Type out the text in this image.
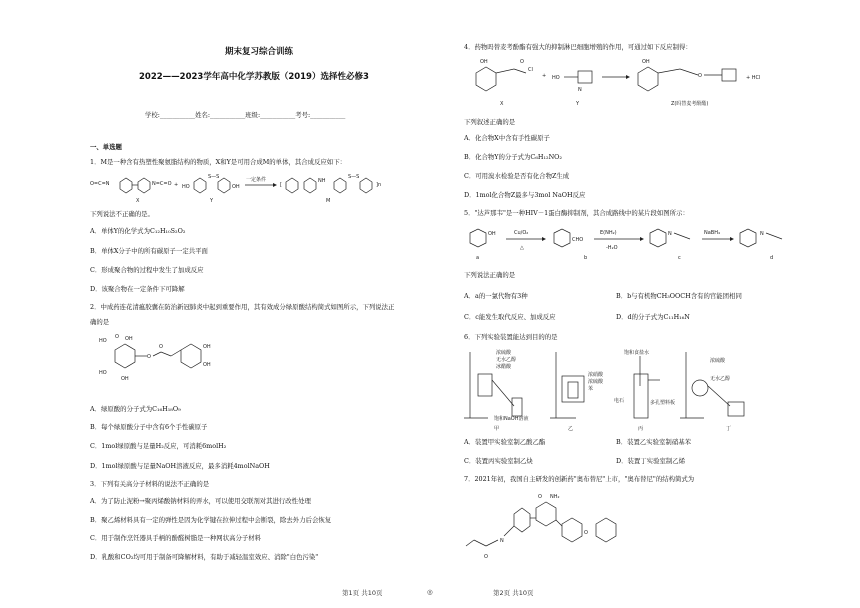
期末复习综合训练
2022——2023学年高中化学苏教版（2019）选择性必修3
学校:___________姓名:___________班级:___________考号:___________
一、单选题
1．M是一种含有热塑性聚氨脂结构的物质，X和Y是可用合成M的单体，其合成反应如下：
O=C=N	N=C=O
X
+ HO
S—S
OH
Y
一定条件
[
NH
S—S
]n
M
下列说法不正确的是。
A．单体Y的化学式为C₁₂H₁₀S₂O₂
B．单体X分子中的所有碳原子一定共平面
C．形成聚合物的过程中发生了加成反应
D．该聚合物在一定条件下可降解
2．中成药连花清瘟胶囊在防治新冠肺炎中起到重要作用，其有效成分绿原酸结构简式如图所示，下列说法正
确的是
HO
O OH
HO
OH
O
O	OH
OH
A．绿原酸的分子式为C₁₆H₁₈O₉
B．每个绿原酸分子中含有6个手性碳原子
C．1mol绿原酸与足量H₂反应，可消耗6molH₂
D．1mol绿原酸与足量NaOH溶液反应，最多消耗4molNaOH
3．下列有关高分子材料的说法不正确的是
A．为了防止泥粉→聚丙烯酸钠材料的弄水，可以使用交联剂对其进行改性处理
B．聚乙烯材料具有一定的弹性是因为化学键在拉伸过程中会断裂，除去外力后会恢复
C．用于制作烹饪器具手柄的酚醛树脂是一种网状高分子材料
D．乳酸和CO₂均可用于制备可降解材料，有助于减轻温室效应、消除"白色污染"
4．药物吗替麦考酚酯有强大的抑制淋巴细胞增殖的作用，可通过如下反应制得：
OH
Cl
O
X
+ HO
N
Y
OH
O
Z(吗替麦考酚酯)
+ HCl
下列叙述正确的是
A．化合物X中含有手性碳原子
B．化合物Y的分子式为C₆H₁₂NO₂
C．可用溴水检验是否有化合物Z生成
D．1mol化合物Z最多与3mol NaOH反应
5．"达芦那韦"是一种HIV－1蛋白酶抑制剂，其合成路线中的某片段如图所示：
OH
a
Cu/O₂
△
CHO
b
E(NH₂)
-H₂O
N
c
NaBH₄	N
d
下列说法正确的是
A．a的一氯代物有3种	B．b与有机物CH₃OOCH含有的官能团相同
C．c能发生取代反应、加成反应	D．d的分子式为C₁₁H₁₆N
6．下列实验装置能达到目的的是
浓硫酸
无水乙醇
冰醋酸
饱和NaOH溶液
甲
浓硝酸
浓硫酸
苯
乙
饱和食盐水
电石	多孔塑料板
丙
浓硫酸
无水乙醇
丁
A．装置甲实验室制乙酸乙酯	B．装置乙实验室制硝基苯
C．装置丙实验室制乙炔	D．装置丁实验室制乙烯
7．2021年初，我国自主研发的创新药"奥布替尼"上市，"奥布替尼"的结构简式为
NH₂
O
N
O
O
第1页 共10页	◎	第2页 共10页
